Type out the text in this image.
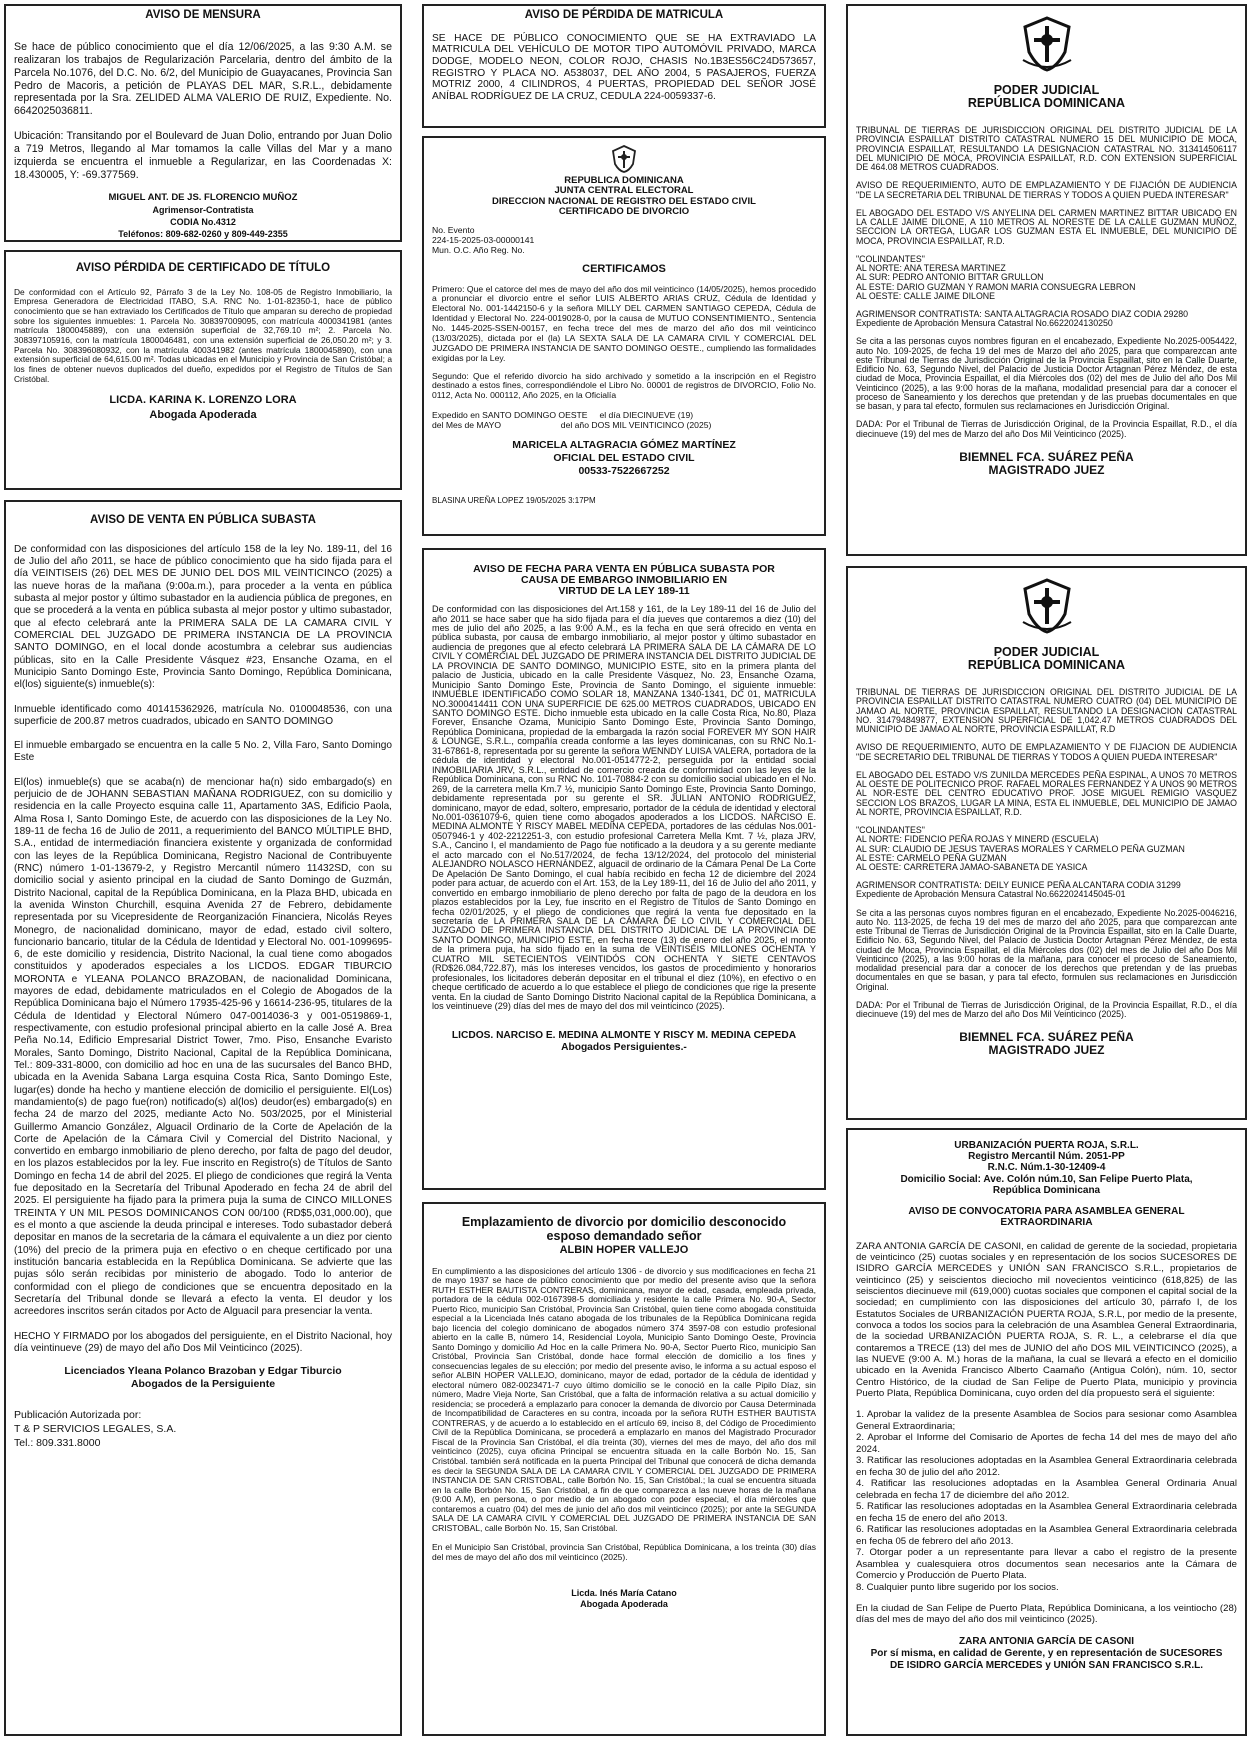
AVISO DE MENSURA
Se hace de público conocimiento que el día 12/06/2025, a las 9:30 A.M. se realizaran los trabajos de Regularización Parcelaria, dentro del ámbito de la Parcela No.1076, del D.C. No. 6/2, del Municipio de Guayacanes, Provincia San Pedro de Macoris, a petición de PLAYAS DEL MAR, S.R.L., debidamente representada por la Sra. ZELIDED ALMA VALERIO DE RUIZ, Expediente. No. 6642025036811.
Ubicación: Transitando por el Boulevard de Juan Dolio, entrando por Juan Dolio a 719 Metros, llegando al Mar tomamos la calle Villas del Mar y a mano izquierda se encuentra el inmueble a Regularizar, en las Coordenadas X: 18.430005, Y: -69.377569.
MIGUEL ANT. DE JS. FLORENCIO MUÑOZ
Agrimensor-Contratista
CODIA No.4312
Teléfonos: 809-682-0260 y 809-449-2355
AVISO PÉRDIDA DE CERTIFICADO DE TÍTULO
De conformidad con el Artículo 92, Párrafo 3 de la Ley No. 108-05 de Registro Inmobiliario, la Empresa Generadora de Electricidad ITABO, S.A. RNC No. 1-01-82350-1, hace de público conocimiento que se han extraviado los Certificados de Título que amparan su derecho de propiedad sobre los siguientes inmuebles: 1. Parcela No. 308397009095, con matrícula 4000341981 (antes matrícula 1800045889), con una extensión superficial de 32,769.10 m²; 2. Parcela No. 308397105916, con la matrícula 1800046481, con una extensión superficial de 26,050.20 m²; y 3. Parcela No. 308396080932, con la matrícula 400341982 (antes matrícula 1800045890), con una extensión superficial de 64,615.00 m². Todas ubicadas en el Municipio y Provincia de San Cristóbal; a los fines de obtener nuevos duplicados del dueño, expedidos por el Registro de Títulos de San Cristóbal.
LICDA. KARINA K. LORENZO LORA
Abogada Apoderada
AVISO DE VENTA EN PÚBLICA SUBASTA
De conformidad con las disposiciones del artículo 158 de la ley No. 189-11, del 16 de Julio del año 2011, se hace de público conocimiento que ha sido fijada para el día VEINTISEIS (26) DEL MES DE JUNIO DEL DOS MIL VEINTICINCO (2025) a las nueve horas de la mañana (9:00a.m.), para proceder a la venta en pública subasta al mejor postor y último subastador en la audiencia pública de pregones, en que se procederá a la venta en pública subasta al mejor postor y ultimo subastador, que al efecto celebrará ante la PRIMERA SALA DE LA CAMARA CIVIL Y COMERCIAL DEL JUZGADO DE PRIMERA INSTANCIA DE LA PROVINCIA SANTO DOMINGO, en el local donde acostumbra a celebrar sus audiencias públicas, sito en la Calle Presidente Vásquez #23, Ensanche Ozama, en el Municipio Santo Domingo Este, Provincia Santo Domingo, República Dominicana, el(los) siguiente(s) inmueble(s):
Inmueble identificado como 401415362926, matrícula No. 0100048536, con una superficie de 200.87 metros cuadrados, ubicado en SANTO DOMINGO
El inmueble embargado se encuentra en la calle 5 No. 2, Villa Faro, Santo Domingo Este
El(los) inmueble(s) que se acaba(n) de mencionar ha(n) sido embargado(s) en perjuicio de de JOHANN SEBASTIAN MAÑANA RODRIGUEZ, con su domicilio y residencia en la calle Proyecto esquina calle 11, Apartamento 3AS, Edificio Paola, Alma Rosa I, Santo Domingo Este, de acuerdo con las disposiciones de la Ley No. 189-11 de fecha 16 de Julio de 2011, a requerimiento del BANCO MÚLTIPLE BHD, S.A., entidad de intermediación financiera existente y organizada de conformidad con las leyes de la República Dominicana, Registro Nacional de Contribuyente (RNC) número 1-01-13679-2, y Registro Mercantil número 11432SD, con su domicilio social y asiento principal en la ciudad de Santo Domingo de Guzmán, Distrito Nacional, capital de la República Dominicana, en la Plaza BHD, ubicada en la avenida Winston Churchill, esquina Avenida 27 de Febrero, debidamente representada por su Vicepresidente de Reorganización Financiera, Nicolás Reyes Monegro, de nacionalidad dominicano, mayor de edad, estado civil soltero, funcionario bancario, titular de la Cédula de Identidad y Electoral No. 001-1099695-6, de este domicilio y residencia, Distrito Nacional, la cual tiene como abogados constituidos y apoderados especiales a los LICDOS. EDGAR TIBURCIO MORONTA e YLEANA POLANCO BRAZOBAN, de nacionalidad Dominicana, mayores de edad, debidamente matriculados en el Colegio de Abogados de la República Dominicana bajo el Número 17935-425-96 y 16614-236-95, titulares de la Cédula de Identidad y Electoral Número 047-0014036-3 y 001-0519869-1, respectivamente, con estudio profesional principal abierto en la calle José A. Brea Peña No.14, Edificio Empresarial District Tower, 7mo. Piso, Ensanche Evaristo Morales, Santo Domingo, Distrito Nacional, Capital de la República Dominicana, Tel.: 809-331-8000, con domicilio ad hoc en una de las sucursales del Banco BHD, ubicada en la Avenida Sabana Larga esquina Costa Rica, Santo Domingo Este, lugar(es) donde ha hecho y mantiene elección de domicilio el persiguiente. El(Los) mandamiento(s) de pago fue(ron) notificado(s) al(los) deudor(es) embargado(s) en fecha 24 de marzo del 2025, mediante Acto No. 503/2025, por el Ministerial Guillermo Amancio González, Alguacil Ordinario de la Corte de Apelación de la Corte de Apelación de la Cámara Civil y Comercial del Distrito Nacional, y convertido en embargo inmobiliario de pleno derecho, por falta de pago del deudor, en los plazos establecidos por la ley. Fue inscrito en Registro(s) de Títulos de Santo Domingo en fecha 14 de abril del 2025. El pliego de condiciones que regirá la Venta fue depositado en la Secretaría del Tribunal Apoderado en fecha 24 de abril del 2025. El persiguiente ha fijado para la primera puja la suma de CINCO MILLONES TREINTA Y UN MIL PESOS DOMINICANOS CON 00/100 (RD$5,031,000.00), que es el monto a que asciende la deuda principal e intereses. Todo subastador deberá depositar en manos de la secretaria de la cámara el equivalente a un diez por ciento (10%) del precio de la primera puja en efectivo o en cheque certificado por una institución bancaria establecida en la República Dominicana. Se advierte que las pujas sólo serán recibidas por ministerio de abogado. Todo lo anterior de conformidad con el pliego de condiciones que se encuentra depositado en la Secretaría del Tribunal donde se llevará a efecto la venta. El deudor y los acreedores inscritos serán citados por Acto de Alguacil para presenciar la venta.
HECHO Y FIRMADO por los abogados del persiguiente, en el Distrito Nacional, hoy día veintinueve (29) de mayo del año Dos Mil Veinticinco (2025).
Licenciados Yleana Polanco Brazoban y Edgar Tiburcio
Abogados de la Persiguiente
Publicación Autorizada por:
T & P SERVICIOS LEGALES, S.A.
Tel.: 809.331.8000
AVISO DE PÉRDIDA DE MATRICULA
SE HACE DE PÚBLICO CONOCIMIENTO QUE SE HA EXTRAVIADO LA MATRICULA DEL VEHÍCULO DE MOTOR TIPO AUTOMÓVIL PRIVADO, MARCA DODGE, MODELO NEON, COLOR ROJO, CHASIS No.1B3ES56C24D573657, REGISTRO Y PLACA NO. A538037, DEL AÑO 2004, 5 PASAJEROS, FUERZA MOTRIZ 2000, 4 CILINDROS, 4 PUERTAS, PROPIEDAD DEL SEÑOR JOSÉ ANÍBAL RODRÍGUEZ DE LA CRUZ, CEDULA 224-0059337-6.
REPUBLICA DOMINICANA
JUNTA CENTRAL ELECTORAL
DIRECCION NACIONAL DE REGISTRO DEL ESTADO CIVIL
CERTIFICADO DE DIVORCIO
No. Evento
224-15-2025-03-00000141
Mun. O.C. Año Reg. No.
CERTIFICAMOS
Primero: Que el catorce del mes de mayo del año dos mil veinticinco (14/05/2025), hemos procedido a pronunciar el divorcio entre el señor LUIS ALBERTO ARIAS CRUZ, Cédula de Identidad y Electoral No. 001-1442150-6 y la señora MILLY DEL CARMEN SANTIAGO CEPEDA, Cédula de Identidad y Electoral No. 224-0019028-0, por la causa de MUTUO CONSENTIMIENTO., Sentencia No. 1445-2025-SSEN-00157, en fecha trece del mes de marzo del año dos mil veinticinco (13/03/2025), dictada por el (la) LA SEXTA SALA DE LA CAMARA CIVIL Y COMERCIAL DEL JUZGADO DE PRIMERA INSTANCIA DE SANTO DOMINGO OESTE., cumpliendo las formalidades exigidas por la Ley.
Segundo: Que el referido divorcio ha sido archivado y sometido a la inscripción en el Registro destinado a estos fines, correspondiéndole el Libro No. 00001 de registros de DIVORCIO, Folio No. 0112, Acta No. 000112, Año 2025, en la Oficialía
Expedido en SANTO DOMINGO OESTE     el día DIECINUEVE (19)
del Mes de MAYO                         del año DOS MIL VEINTICINCO (2025)
MARICELA ALTAGRACIA GÓMEZ MARTÍNEZ
OFICIAL DEL ESTADO CIVIL
00533-7522667252
BLASINA UREÑA LOPEZ 19/05/2025 3:17PM
AVISO DE FECHA PARA VENTA EN PÚBLICA SUBASTA POR
CAUSA DE EMBARGO INMOBILIARIO EN
VIRTUD DE LA LEY 189-11
De conformidad con las disposiciones del Art.158 y 161, de la Ley 189-11 del 16 de Julio del año 2011 se hace saber que ha sido fijada para el día jueves que contaremos a diez (10) del mes de julio del año 2025, a las 9:00 A.M., es la fecha en que será ofrecido en venta en pública subasta, por causa de embargo inmobiliario, al mejor postor y último subastador en audiencia de pregones que al efecto celebrará LA PRIMERA SALA DE LA CÁMARA DE LO CIVIL Y COMERCIAL DEL JUZGADO DE PRIMERA INSTANCIA DEL DISTRITO JUDICIAL DE LA PROVINCIA DE SANTO DOMINGO, MUNICIPIO ESTE, sito en la primera planta del palacio de Justicia, ubicado en la calle Presidente Vásquez, No. 23, Ensanche Ozama, Municipio Santo Domingo Este, Provincia de Santo Domingo, el siguiente inmueble: INMUEBLE IDENTIFICADO COMO SOLAR 18, MANZANA 1340-1341, DC 01, MATRICULA NO.3000414411 CON UNA SUPERFICIE DE 625.00 METROS CUADRADOS, UBICADO EN SANTO DOMINGO ESTE. Dicho inmueble esta ubicado en la calle Costa Rica, No.80, Plaza Forever, Ensanche Ozama, Municipio Santo Domingo Este, Provincia Santo Domingo, República Dominicana, propiedad de la embargada la razón social FOREVER MY SON HAIR & LOUNGE, S.R.L., compañía creada conforme a las leyes dominicanas, con su RNC No.1-31-67861-8, representada por su gerente la señora WENNDY LUISA VALERA, portadora de la cédula de identidad y electoral No.001-0514772-2, perseguida por la entidad social INMOBILIARIA JRV, S.R.L., entidad de comercio creada de conformidad con las leyes de la República Dominicana, con su RNC No. 101-70884-2 con su domicilio social ubicado en el No. 269, de la carretera mella Km.7 ½, municipio Santo Domingo Este, Provincia Santo Domingo, debidamente representada por su gerente el SR. JULIAN ANTONIO RODRIGUEZ, dominicano, mayor de edad, soltero, empresario, portador de la cédula de identidad y electoral No.001-0361079-6, quien tiene como abogados apoderados a los LICDOS. NARCISO E. MEDINA ALMONTE Y RISCY MABEL MEDINA CEPEDA, portadores de las cédulas Nos.001-0507946-1 y 402-2212251-3, con estudio profesional Carretera Mella Kmt. 7 ½, plaza JRV, S.A., Cancino I, el mandamiento de Pago fue notificado a la deudora y a su gerente mediante el acto marcado con el No.517/2024, de fecha 13/12/2024, del protocolo del ministerial ALEJANDRO NOLASCO HERNÁNDEZ, alguacil de ordinario de la Cámara Penal De La Corte De Apelación De Santo Domingo, el cual había recibido en fecha 12 de diciembre del 2024 poder para actuar, de acuerdo con el Art. 153, de la Ley 189-11, del 16 de Julio del año 2011, y convertido en embargo inmobiliario de pleno derecho por falta de pago de la deudora en los plazos establecidos por la Ley, fue inscrito en el Registro de Títulos de Santo Domingo en fecha 02/01/2025, y el pliego de condiciones que regirá la venta fue depositado en la secretaría de LA PRIMERA SALA DE LA CÁMARA DE LO CIVIL Y COMERCIAL DEL JUZGADO DE PRIMERA INSTANCIA DEL DISTRITO JUDICIAL DE LA PROVINCIA DE SANTO DOMINGO, MUNICIPIO ESTE, en fecha trece (13) de enero del año 2025, el monto de la primera puja, ha sido fijado en la suma de VEINTISÉIS MILLONES OCHENTA Y CUATRO MIL SETECIENTOS VEINTIDÓS CON OCHENTA Y SIETE CENTAVOS (RD$26.084,722.87), más los intereses vencidos, los gastos de procedimiento y honorarios profesionales, los licitadores deberán depositar en el tribunal el diez (10%), en efectivo o en cheque certificado de acuerdo a lo que establece el pliego de condiciones que rige la presente venta. En la ciudad de Santo Domingo Distrito Nacional capital de la República Dominicana, a los veintinueve (29) días del mes de mayo del dos mil veinticinco (2025).
LICDOS. NARCISO E. MEDINA ALMONTE Y RISCY M. MEDINA CEPEDA
Abogados Persiguientes.-
Emplazamiento de divorcio por domicilio desconocido
esposo demandado señor
ALBIN HOPER VALLEJO
En cumplimiento a las disposiciones del artículo 1306 - de divorcio y sus modificaciones en fecha 21 de mayo 1937 se hace de público conocimiento que por medio del presente aviso que la señora RUTH ESTHER BAUTISTA CONTRERAS, dominicana, mayor de edad, casada, empleada privada, portadora de la cédula 002-0167398-5 domiciliada y residente la calle Primera No. 90-A, Sector Puerto Rico, municipio San Cristóbal, Provincia San Cristóbal, quien tiene como abogada constituida especial a la Licenciada Inés catano abogada de los tribunales de la República Dominicana regida bajo licencia del colegio dominicano de abogados número 374 3597-08 con estudio profesional abierto en la calle B, número 14, Residencial Loyola, Municipio Santo Domingo Oeste, Provincia Santo Domingo y domicilio Ad Hoc en la calle Primera No. 90-A, Sector Puerto Rico, municipio San Cristóbal, Provincia San Cristóbal, donde hace formal elección de domicilio a los fines y consecuencias legales de su elección; por medio del presente aviso, le informa a su actual esposo el señor ALBIN HOPER VALLEJO, dominicano, mayor de edad, portador de la cédula de identidad y electoral número 082-0023471-7 cuyo último domicilio se le conoció en la calle Pipilo Díaz, sin número, Madre Vieja Norte, San Cristóbal, que a falta de información relativa a su actual domicilio y residencia; se procederá a emplazarlo para conocer la demanda de divorcio por Causa Determinada de Incompatibilidad de Caracteres en su contra, incoada por la señora RUTH ESTHER BAUTISTA CONTRERAS, y de acuerdo a lo establecido en el artículo 69, inciso 8, del Código de Procedimiento Civil de la República Dominicana, se procederá a emplazarlo en manos del Magistrado Procurador Fiscal de la Provincia San Cristóbal, el día treinta (30), viernes del mes de mayo, del año dos mil veinticinco (2025), cuya oficina Principal se encuentra situada en la calle Borbón No. 15, San Cristóbal. también será notificada en la puerta Principal del Tribunal que conocerá de dicha demanda es decir la SEGUNDA SALA DE LA CAMARA CIVIL Y COMERCIAL DEL JUZGADO DE PRIMERA INSTANCIA DE SAN CRISTOBAL, calle Borbón No. 15, San Cristóbal.; la cual se encuentra situada en la calle Borbón No. 15, San Cristóbal, a fin de que comparezca a las nueve horas de la mañana (9:00 A.M), en persona, o por medio de un abogado con poder especial, el día miércoles que contaremos a cuatro (04) del mes de junio del año dos mil veinticinco (2025); por ante la SEGUNDA SALA DE LA CAMARA CIVIL Y COMERCIAL DEL JUZGADO DE PRIMERA INSTANCIA DE SAN CRISTOBAL, calle Borbón No. 15, San Cristóbal.
En el Municipio San Cristóbal, provincia San Cristóbal, República Dominicana, a los treinta (30) días del mes de mayo del año dos mil veinticinco (2025).
Licda. Inés María Catano
Abogada Apoderada
PODER JUDICIAL
REPÚBLICA DOMINICANA
TRIBUNAL DE TIERRAS DE JURISDICCION ORIGINAL DEL DISTRITO JUDICIAL DE LA PROVINCIA ESPAILLAT DISTRITO CATASTRAL NUMERO 15 DEL MUNICIPIO DE MOCA, PROVINCIA ESPAILLAT, RESULTANDO LA DESIGNACION CATASTRAL NO. 313414506117 DEL MUNICIPIO DE MOCA, PROVINCIA ESPAILLAT, R.D. CON EXTENSION SUPERFICIAL DE 464.08 METROS CUADRADOS.
AVISO DE REQUERIMIENTO, AUTO DE EMPLAZAMIENTO Y DE FIJACIÓN DE AUDIENCIA "DE LA SECRETARIA DEL TRIBUNAL DE TIERRAS Y TODOS A QUIEN PUEDA INTERESAR"
EL ABOGADO DEL ESTADO V/S ANYELINA DEL CARMEN MARTINEZ BITTAR UBICADO EN LA CALLE JAIME DILONE, A 110 METROS AL NORESTE DE LA CALLE GUZMAN MUÑOZ, SECCION LA ORTEGA, LUGAR LOS GUZMAN ESTA EL INMUEBLE, DEL MUNICIPIO DE MOCA, PROVINCIA ESPAILLAT, R.D.
"COLINDANTES"
AL NORTE: ANA TERESA MARTINEZ
AL SUR: PEDRO ANTONIO BITTAR GRULLON
AL ESTE: DARIO GUZMAN Y RAMON MARIA CONSUEGRA LEBRON
AL OESTE: CALLE JAIME DILONE
AGRIMENSOR CONTRATISTA: SANTA ALTAGRACIA ROSADO DIAZ CODIA 29280
Expediente de Aprobación Mensura Catastral No.6622024130250
Se cita a las personas cuyos nombres figuran en el encabezado, Expediente No.2025-0054422, auto No. 109-2025, de fecha 19 del mes de Marzo del año 2025, para que comparezcan ante este Tribunal de Tierras de Jurisdicción Original de la Provincia Espaillat, sito en la Calle Duarte, Edificio No. 63, Segundo Nivel, del Palacio de Justicia Doctor Artagnan Pérez Méndez, de esta ciudad de Moca, Provincia Espaillat, el día Miércoles dos (02) del mes de Julio del año Dos Mil Veinticinco (2025), a las 9:00 horas de la mañana, modalidad presencial para dar a conocer el proceso de Saneamiento y los derechos que pretendan y de las pruebas documentales en que se basan, y para tal efecto, formulen sus reclamaciones en Jurisdicción Original.
DADA: Por el Tribunal de Tierras de Jurisdicción Original, de la Provincia Espaillat, R.D., el día diecinueve (19) del mes de Marzo del año Dos Mil Veinticinco (2025).
BIEMNEL FCA. SUÁREZ PEÑA
MAGISTRADO JUEZ
PODER JUDICIAL
REPÚBLICA DOMINICANA
TRIBUNAL DE TIERRAS DE JURISDICCION ORIGINAL DEL DISTRITO JUDICIAL DE LA PROVINCIA ESPAILLAT DISTRITO CATASTRAL NUMERO CUATRO (04) DEL MUNICIPIO DE JAMAO AL NORTE, PROVINCIA ESPAILLAT, RESULTANDO LA DESIGNACION CATASTRAL NO. 314794849877, EXTENSION SUPERFICIAL DE 1,042.47 METROS CUADRADOS DEL MUNICIPIO DE JAMAO AL NORTE, PROVINCIA ESPAILLAT, R.D
AVISO DE REQUERIMIENTO, AUTO DE EMPLAZAMIENTO Y DE FIJACION DE AUDIENCIA "DE SECRETARIO DEL TRIBUNAL DE TIERRAS Y TODOS A QUIEN PUEDA INTERESAR"
EL ABOGADO DEL ESTADO V/S ZUNILDA MERCEDES PEÑA ESPINAL, A UNOS 70 METROS AL OESTE DE POLITECNICO PROF. RAFAEL MORALES FERNANDEZ Y A UNOS 90 METROS AL NOR-ESTE DEL CENTRO EDUCATIVO PROF. JOSE MIGUEL REMIGIO VASQUEZ SECCION LOS BRAZOS, LUGAR LA MINA, ESTA EL INMUEBLE, DEL MUNICIPIO DE JAMAO AL NORTE, PROVINCIA ESPAILLAT, R.D.
"COLINDANTES"
AL NORTE: FIDENCIO PEÑA ROJAS Y MINERD (ESCUELA)
AL SUR: CLAUDIO DE JESUS TAVERAS MORALES Y CARMELO PEÑA GUZMAN
AL ESTE: CARMELO PEÑA GUZMAN
AL OESTE: CARRETERA JAMAO-SABANETA DE YASICA
AGRIMENSOR CONTRATISTA: DEILY EUNICE PEÑA ALCANTARA CODIA 31299
Expediente de Aprobación Mensura Catastral No.6622024145045-01
Se cita a las personas cuyos nombres figuran en el encabezado, Expediente No.2025-0046216, auto No. 113-2025, de fecha 19 del mes de marzo del año 2025, para que comparezcan ante este Tribunal de Tierras de Jurisdicción Original de la Provincia Espaillat, sito en la Calle Duarte, Edificio No. 63, Segundo Nivel, del Palacio de Justicia Doctor Artagnan Pérez Méndez, de esta ciudad de Moca, Provincia Espaillat, el día Miércoles dos (02) del mes de Julio del año Dos Mil Veinticinco (2025), a las 9:00 horas de la mañana, para conocer el proceso de Saneamiento, modalidad presencial para dar a conocer de los derechos que pretendan y de las pruebas documentales en que se basan, y para tal efecto, formulen sus reclamaciones en Jurisdicción Original.
DADA: Por el Tribunal de Tierras de Jurisdicción Original, de la Provincia Espaillat, R.D., el día diecinueve (19) del mes de Marzo del año Dos Mil Veinticinco (2025).
BIEMNEL FCA. SUÁREZ PEÑA
MAGISTRADO JUEZ
URBANIZACIÓN PUERTA ROJA, S.R.L.
Registro Mercantil Núm. 2051-PP
R.N.C. Núm.1-30-12409-4
Domicilio Social: Ave. Colón núm.10, San Felipe Puerto Plata, República Dominicana
AVISO DE CONVOCATORIA PARA ASAMBLEA GENERAL EXTRAORDINARIA
ZARA ANTONIA GARCÍA DE CASONI, en calidad de gerente de la sociedad, propietaria de veinticinco (25) cuotas sociales y en representación de los socios SUCESORES DE ISIDRO GARCÍA MERCEDES y UNIÓN SAN FRANCISCO S.R.L., propietarios de veinticinco (25) y seiscientos dieciocho mil novecientos veinticinco (618,825) de las seiscientos diecinueve mil (619,000) cuotas sociales que componen el capital social de la sociedad; en cumplimiento con las disposiciones del artículo 30, párrafo I, de los Estatutos Sociales de URBANIZACIÓN PUERTA ROJA, S.R.L, por medio de la presente, convoca a todos los socios para la celebración de una Asamblea General Extraordinaria, de la sociedad URBANIZACIÓN PUERTA ROJA, S. R. L., a celebrarse el día que contaremos a TRECE (13) del mes de JUNIO del año DOS MIL VEINTICINCO (2025), a las NUEVE (9:00 A. M.) horas de la mañana, la cual se llevará a efecto en el domicilio ubicado en la Avenida Francisco Alberto Caamaño (Antigua Colón), núm. 10, sector Centro Histórico, de la ciudad de San Felipe de Puerto Plata, municipio y provincia Puerto Plata, República Dominicana, cuyo orden del día propuesto será el siguiente:
1. Aprobar la validez de la presente Asamblea de Socios para sesionar como Asamblea General Extraordinaria;
2. Aprobar el Informe del Comisario de Aportes de fecha 14 del mes de mayo del año 2024.
3. Ratificar las resoluciones adoptadas en la Asamblea General Extraordinaria celebrada en fecha 30 de julio del año 2012.
4. Ratificar las resoluciones adoptadas en la Asamblea General Ordinaria Anual celebrada en fecha 17 de diciembre del año 2012.
5. Ratificar las resoluciones adoptadas en la Asamblea General Extraordinaria celebrada en fecha 15 de enero del año 2013.
6. Ratificar las resoluciones adoptadas en la Asamblea General Extraordinaria celebrada en fecha 05 de febrero del año 2013.
7. Otorgar poder a un representante para llevar a cabo el registro de la presente Asamblea y cualesquiera otros documentos sean necesarios ante la Cámara de Comercio y Producción de Puerto Plata.
8. Cualquier punto libre sugerido por los socios.
En la ciudad de San Felipe de Puerto Plata, República Dominicana, a los veintiocho (28) días del mes de mayo del año dos mil veinticinco (2025).
ZARA ANTONIA GARCÍA DE CASONI
Por sí misma, en calidad de Gerente, y en representación de SUCESORES DE ISIDRO GARCÍA MERCEDES y UNIÓN SAN FRANCISCO S.R.L.
